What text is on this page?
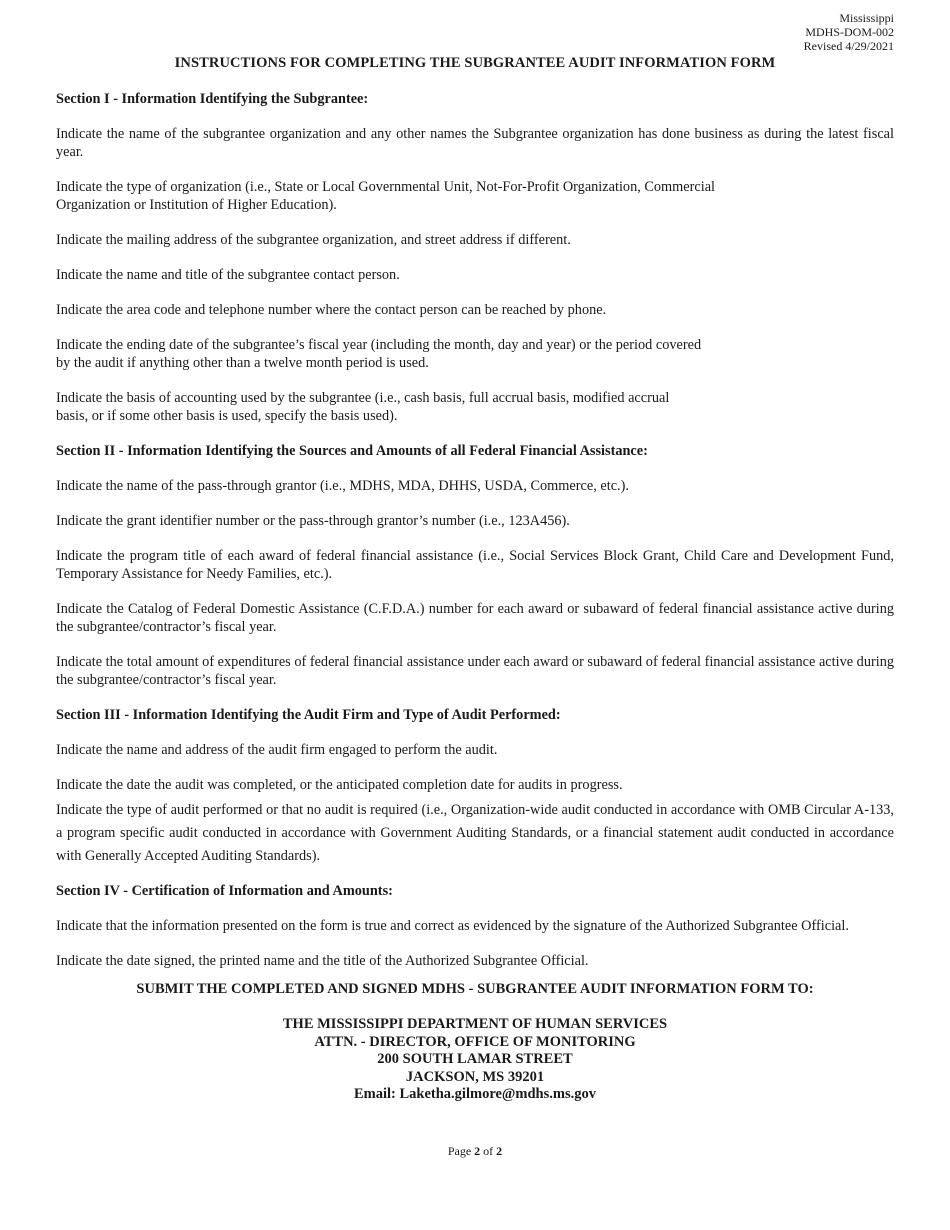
Mississippi
MDHS-DOM-002
Revised 4/29/2021
INSTRUCTIONS FOR COMPLETING THE SUBGRANTEE AUDIT INFORMATION FORM
Section I - Information Identifying the Subgrantee:

Indicate the name of the subgrantee organization and any other names the Subgrantee organization has done business as during the latest fiscal year.

Indicate the type of organization (i.e., State or Local Governmental Unit, Not-For-Profit Organization, Commercial
Organization or Institution of Higher Education).

Indicate the mailing address of the subgrantee organization, and street address if different.

Indicate the name and title of the subgrantee contact person.

Indicate the area code and telephone number where the contact person can be reached by phone.

Indicate the ending date of the subgrantee’s fiscal year (including the month, day and year) or the period covered
by the audit if anything other than a twelve month period is used.

Indicate the basis of accounting used by the subgrantee (i.e., cash basis, full accrual basis, modified accrual
basis, or if some other basis is used, specify the basis used).

Section II - Information Identifying the Sources and Amounts of all Federal Financial Assistance:

Indicate the name of the pass-through grantor (i.e., MDHS, MDA, DHHS, USDA, Commerce, etc.).

Indicate the grant identifier number or the pass-through grantor’s number (i.e., 123A456).

Indicate the program title of each award of federal financial assistance (i.e., Social Services Block Grant, Child Care and Development Fund, Temporary Assistance for Needy Families, etc.).

Indicate the Catalog of Federal Domestic Assistance (C.F.D.A.) number for each award or subaward of federal financial assistance active during the subgrantee/contractor’s fiscal year.

Indicate the total amount of expenditures of federal financial assistance under each award or subaward of federal financial assistance active during the subgrantee/contractor’s fiscal year.

Section III - Information Identifying the Audit Firm and Type of Audit Performed:

Indicate the name and address of the audit firm engaged to perform the audit.

Indicate the date the audit was completed, or the anticipated completion date for audits in progress.

Indicate the type of audit performed or that no audit is required (i.e., Organization-wide audit conducted in accordance with OMB Circular A-133, a program specific audit conducted in accordance with Government Auditing Standards, or a financial statement audit conducted in accordance with Generally Accepted Auditing Standards).

Section IV - Certification of Information and Amounts:

Indicate that the information presented on the form is true and correct as evidenced by the signature of the Authorized Subgrantee Official.

Indicate the date signed, the printed name and the title of the Authorized Subgrantee Official.

SUBMIT THE COMPLETED AND SIGNED MDHS - SUBGRANTEE AUDIT INFORMATION FORM TO:
THE MISSISSIPPI DEPARTMENT OF HUMAN SERVICES
ATTN. - DIRECTOR, OFFICE OF MONITORING
200 SOUTH LAMAR STREET
JACKSON, MS 39201
Email: Laketha.gilmore@mdhs.ms.gov
Page 2 of 2
